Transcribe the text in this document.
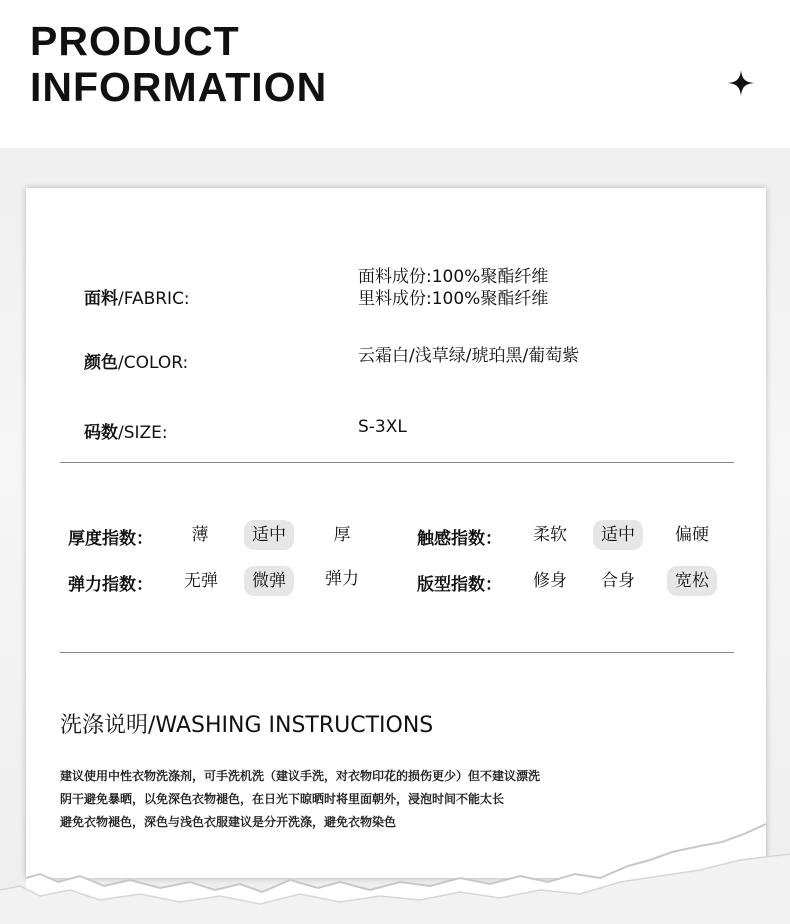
PRODUCT
INFORMATION
面料/FABRIC:
面料成份:100%聚酯纤维
里料成份:100%聚酯纤维
颜色/COLOR:	云霜白/浅草绿/琥珀黑/葡萄紫
码数/SIZE:	S-3XL
厚度指数：	薄	适中	厚	触感指数：	柔软	适中	偏硬
弹力指数：	无弹	微弹	弹力	版型指数：	修身	合身	宽松
洗涤说明/WASHING INSTRUCTIONS
建议使用中性衣物洗涤剂，可手洗机洗（建议手洗，对衣物印花的损伤更少）但不建议漂洗
阴干避免暴晒，以免深色衣物褪色，在日光下晾晒时将里面朝外，浸泡时间不能太长
避免衣物褪色，深色与浅色衣服建议是分开洗涤，避免衣物染色
